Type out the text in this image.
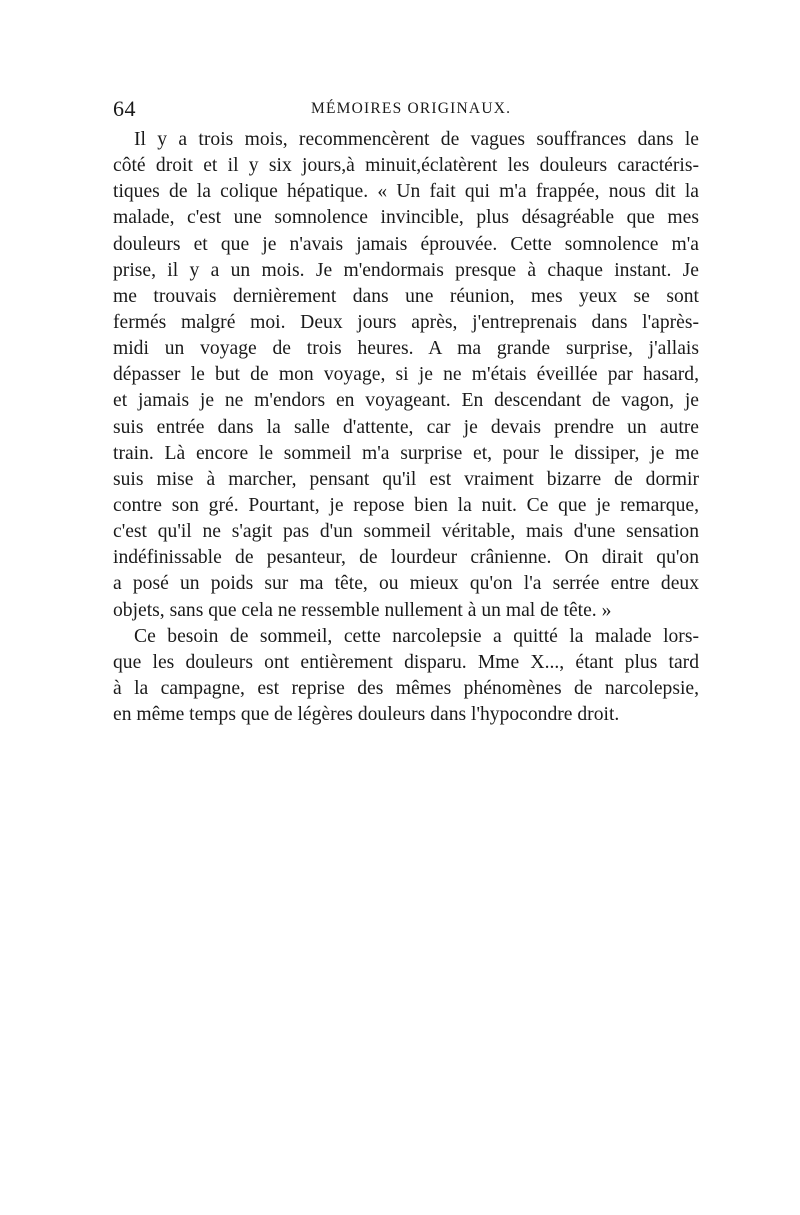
64	MÉMOIRES ORIGINAUX.
Il y a trois mois, recommencèrent de vagues souffrances dans le
côté droit et il y six jours,à minuit,éclatèrent les douleurs caractéris-
tiques de la colique hépatique. « Un fait qui m'a frappée, nous dit la
malade, c'est une somnolence invincible, plus désagréable que mes
douleurs et que je n'avais jamais éprouvée. Cette somnolence m'a
prise, il y a un mois. Je m'endormais presque à chaque instant. Je
me trouvais dernièrement dans une réunion, mes yeux se sont
fermés malgré moi. Deux jours après, j'entreprenais dans l'après-
midi un voyage de trois heures. A ma grande surprise, j'allais
dépasser le but de mon voyage, si je ne m'étais éveillée par hasard,
et jamais je ne m'endors en voyageant. En descendant de vagon, je
suis entrée dans la salle d'attente, car je devais prendre un autre
train. Là encore le sommeil m'a surprise et, pour le dissiper, je me
suis mise à marcher, pensant qu'il est vraiment bizarre de dormir
contre son gré. Pourtant, je repose bien la nuit. Ce que je remarque,
c'est qu'il ne s'agit pas d'un sommeil véritable, mais d'une sensation
indéfinissable de pesanteur, de lourdeur crânienne. On dirait qu'on
a posé un poids sur ma tête, ou mieux qu'on l'a serrée entre deux
objets, sans que cela ne ressemble nullement à un mal de tête. »
Ce besoin de sommeil, cette narcolepsie a quitté la malade lors-
que les douleurs ont entièrement disparu. Mme X..., étant plus tard
à la campagne, est reprise des mêmes phénomènes de narcolepsie,
en même temps que de légères douleurs dans l'hypocondre droit.
